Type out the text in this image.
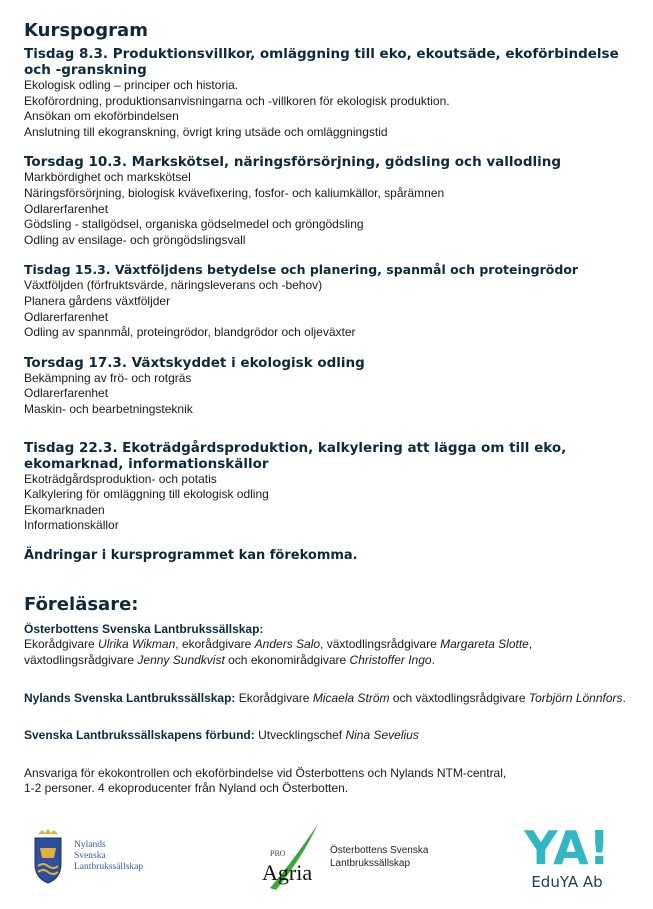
Kurspogram

Tisdag 8.3. Produktionsvillkor, omläggning till eko, ekoutsäde, ekoförbindelse och -granskning

Ekologisk odling – principer och historia.

Ekoförordning, produktionsanvisningarna och -villkoren för ekologisk produktion.

Ansökan om ekoförbindelsen

Anslutning till ekogranskning, övrigt kring utsäde och omläggningstid

Torsdag 10.3. Markskötsel, näringsförsörjning, gödsling och vallodling

Markbördighet och markskötsel

Näringsförsörjning, biologisk kvävefixering, fosfor- och kaliumkällor, spårämnen

Odlarerfarenhet

Gödsling - stallgödsel, organiska gödselmedel och gröngödsling

Odling av ensilage- och gröngödslingsvall

Tisdag 15.3. Växtföljdens betydelse och planering, spanmål och proteingrödor

Växtföljden (förfruktsvärde, näringsleverans och -behov)

Planera gårdens växtföljder

Odlarerfarenhet

Odling av spannmål, proteingrödor, blandgrödor och oljeväxter

Torsdag 17.3. Växtskyddet i ekologisk odling

Bekämpning av frö- och rotgräs

Odlarerfarenhet

Maskin- och bearbetningsteknik

Tisdag 22.3. Ekoträdgårdsproduktion, kalkylering att lägga om till eko, ekomarknad, informationskällor

Ekoträdgårdsproduktion- och potatis

Kalkylering för omläggning till ekologisk odling

Ekomarknaden

Informationskällor

Ändringar i kursprogrammet kan förekomma.

Föreläsare:
Österbottens Svenska Lantbrukssällskap:
Ekorådgivare Ulrika Wikman, ekorådgivare Anders Salo, växtodlingsrådgivare Margareta Slotte,
växtodlingsrådgivare Jenny Sundkvist och ekonomirådgivare Christoffer Ingo.
Nylands Svenska Lantbrukssällskap: Ekorådgivare Micaela Ström och växtodlingsrådgivare Torbjörn Lönnfors.
Svenska Lantbrukssällskapens förbund: Utvecklingschef Nina Sevelius
Ansvariga för ekokontrollen och ekoförbindelse vid Österbottens och Nylands NTM-central,
1-2 personer. 4 ekoproducenter från Nyland och Österbotten.
Nylands
Svenska
Lantbrukssällskap
PRO
Agria
Österbottens Svenska
Lantbrukssällskap	YA!
EduYA Ab
